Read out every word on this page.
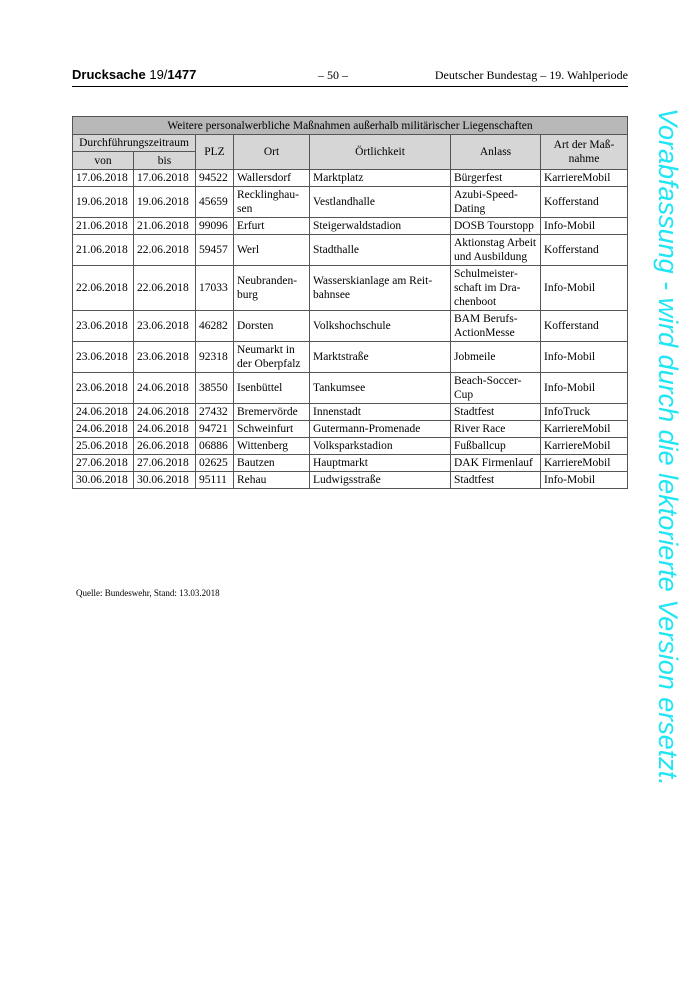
Drucksache 19/1477	– 50 –	Deutscher Bundestag – 19. Wahlperiode
Weitere personalwerbliche Maßnahmen außerhalb militärischer Liegenschaften						
Durchführungszeitraum		PLZ	Ort	Örtlichkeit	Anlass	Art der Maßnahme
von	bis					
17.06.2018	17.06.2018	94522	Wallersdorf	Marktplatz	Bürgerfest	KarriereMobil
19.06.2018	19.06.2018	45659	Recklinghausen	Vestlandhalle	Azubi-Speed-Dating	Kofferstand
21.06.2018	21.06.2018	99096	Erfurt	Steigerwaldstadion	DOSB Tourstopp	Info-Mobil
21.06.2018	22.06.2018	59457	Werl	Stadthalle	Aktionstag Arbeit und Ausbildung	Kofferstand
22.06.2018	22.06.2018	17033	Neubrandenburg	Wasserskianlage am Reitbahnsee	Schulmeisterschaft im Drachenboot	Info-Mobil
23.06.2018	23.06.2018	46282	Dorsten	Volkshochschule	BAM Berufs-ActionMesse	Kofferstand
23.06.2018	23.06.2018	92318	Neumarkt in der Oberpfalz	Marktstraße	Jobmeile	Info-Mobil
23.06.2018	24.06.2018	38550	Isenbüttel	Tankumsee	Beach-Soccer-Cup	Info-Mobil
24.06.2018	24.06.2018	27432	Bremervörde	Innenstadt	Stadtfest	InfoTruck
24.06.2018	24.06.2018	94721	Schweinfurt	Gutermann-Promenade	River Race	KarriereMobil
25.06.2018	26.06.2018	06886	Wittenberg	Volksparkstadion	Fußballcup	KarriereMobil
27.06.2018	27.06.2018	02625	Bautzen	Hauptmarkt	DAK Firmenlauf	KarriereMobil
30.06.2018	30.06.2018	95111	Rehau	Ludwigsstraße	Stadtfest	Info-Mobil
Quelle: Bundeswehr, Stand: 13.03.2018	Vorabfassung - wird durch die lektorierte Version ersetzt.
